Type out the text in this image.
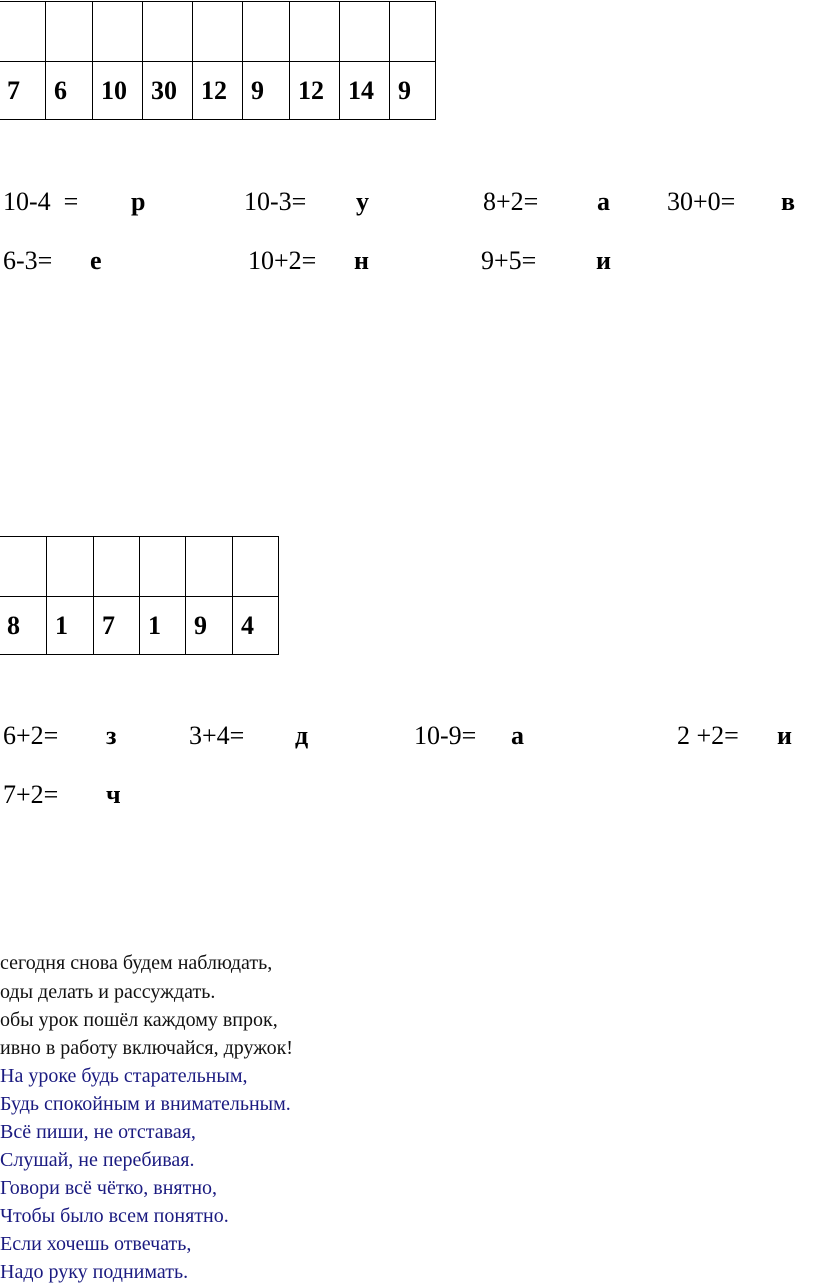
7	6	10	30	12	9	12	14	9
10-4  = р	10-3= у	8+2= а 30+0= в
6-3= е	10+2= н	9+5= и

8	1	7	1	9	4
6+2= з	3+4= д	10-9= а	2 +2= и
7+2= ч
сегодня снова будем наблюдать,
оды делать и рассуждать.
обы урок пошёл каждому впрок,
ивно в работу включайся, дружок!
На уроке будь старательным,
Будь спокойным и внимательным.
Всё пиши, не отставая,
Слушай, не перебивая.
Говори всё чётко, внятно,
Чтобы было всем понятно.
Если хочешь отвечать,
Надо руку поднимать.
